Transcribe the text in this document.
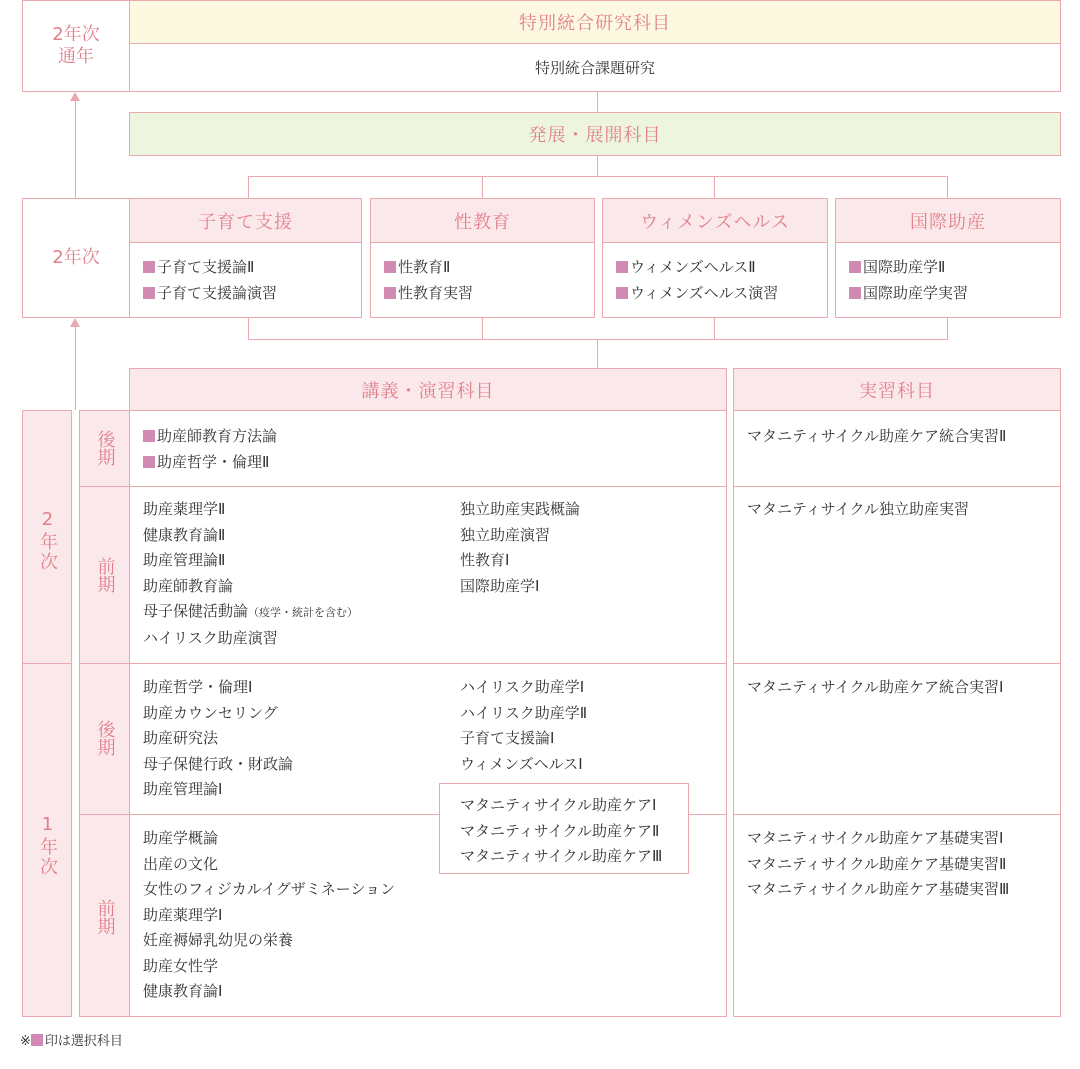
2年次
通年
特別統合研究科目
特別統合課題研究
発展・展開科目
2年次
子育て支援
子育て支援論Ⅱ
子育て支援論演習
性教育
性教育Ⅱ
性教育実習
ウィメンズヘルス
ウィメンズヘルスⅡ
ウィメンズヘルス演習
国際助産
国際助産学Ⅱ
国際助産学実習
講義・演習科目	実習科目
2年次
1年次
後期
前期
後期
前期
助産師教育方法論
助産哲学・倫理Ⅱ
マタニティサイクル助産ケア統合実習Ⅱ
助産薬理学Ⅱ
健康教育論Ⅱ
助産管理論Ⅱ
助産師教育論
母子保健活動論（疫学・統計を含む）
ハイリスク助産演習
独立助産実践概論
独立助産演習
性教育Ⅰ
国際助産学Ⅰ
マタニティサイクル独立助産実習
助産哲学・倫理Ⅰ
助産カウンセリング
助産研究法
母子保健行政・財政論
助産管理論Ⅰ
ハイリスク助産学Ⅰ
ハイリスク助産学Ⅱ
子育て支援論Ⅰ
ウィメンズヘルスⅠ
マタニティサイクル助産ケア統合実習Ⅰ
マタニティサイクル助産ケアⅠ
マタニティサイクル助産ケアⅡ
マタニティサイクル助産ケアⅢ
助産学概論
出産の文化
女性のフィジカルイグザミネーション
助産薬理学Ⅰ
妊産褥婦乳幼児の栄養
助産女性学
健康教育論Ⅰ
マタニティサイクル助産ケア基礎実習Ⅰ
マタニティサイクル助産ケア基礎実習Ⅱ
マタニティサイクル助産ケア基礎実習Ⅲ
※ 印は選択科目
